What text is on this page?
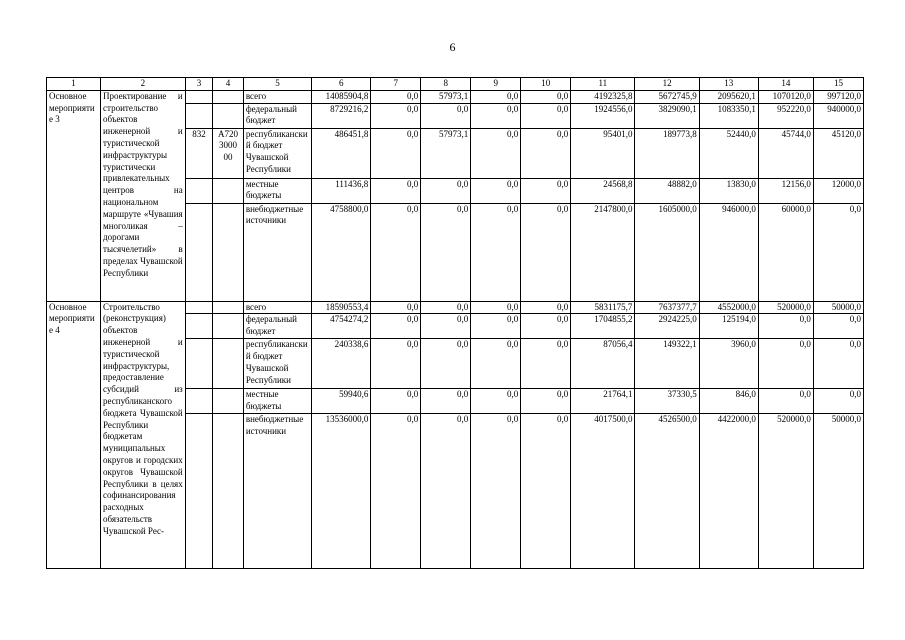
6
1	2	3	4	5	6	7	8	9	10	11	12	13	14	15
Основное мероприятие 3	Проектирование и строительство объектов инженерной и туристической инфраструктуры туристически привлекательных центров на национальном маршруте «Чувашия многоликая – дорогами тысячелетий» в пределах Чувашской Республики			всего	14085904,8	0,0	57973,1	0,0	0,0	4192325,8	5672745,9	2095620,1	1070120,0	997120,0
				федеральный бюджет	8729216,2	0,0	0,0	0,0	0,0	1924556,0	3829090,1	1083350,1	952220,0	940000,0
		832	А720 3000 00	республиканский бюджет Чувашской Республики	486451,8	0,0	57973,1	0,0	0,0	95401,0	189773,8	52440,0	45744,0	45120,0
				местные бюджеты	111436,8	0,0	0,0	0,0	0,0	24568,8	48882,0	13830,0	12156,0	12000,0
				внебюджетные источники	4758800,0	0,0	0,0	0,0	0,0	2147800,0	1605000,0	946000,0	60000,0	0,0
Основное мероприятие 4	Строительство (реконструкция) объектов инженерной и туристической инфраструктуры, предоставление субсидий из республиканского бюджета Чувашской Республики бюджетам муниципальных округов и городских округов Чувашской Республики в целях софинансирования расходных обязательств Чувашской Рес-			всего	18590553,4	0,0	0,0	0,0	0,0	5831175,7	7637377,7	4552000,0	520000,0	50000,0
				федеральный бюджет	4754274,2	0,0	0,0	0,0	0,0	1704855,2	2924225,0	125194,0	0,0	0,0
				республиканский бюджет Чувашской Республики	240338,6	0,0	0,0	0,0	0,0	87056,4	149322,1	3960,0	0,0	0,0
				местные бюджеты	59940,6	0,0	0,0	0,0	0,0	21764,1	37330,5	846,0	0,0	0,0
				внебюджетные источники	13536000,0	0,0	0,0	0,0	0,0	4017500,0	4526500,0	4422000,0	520000,0	50000,0
